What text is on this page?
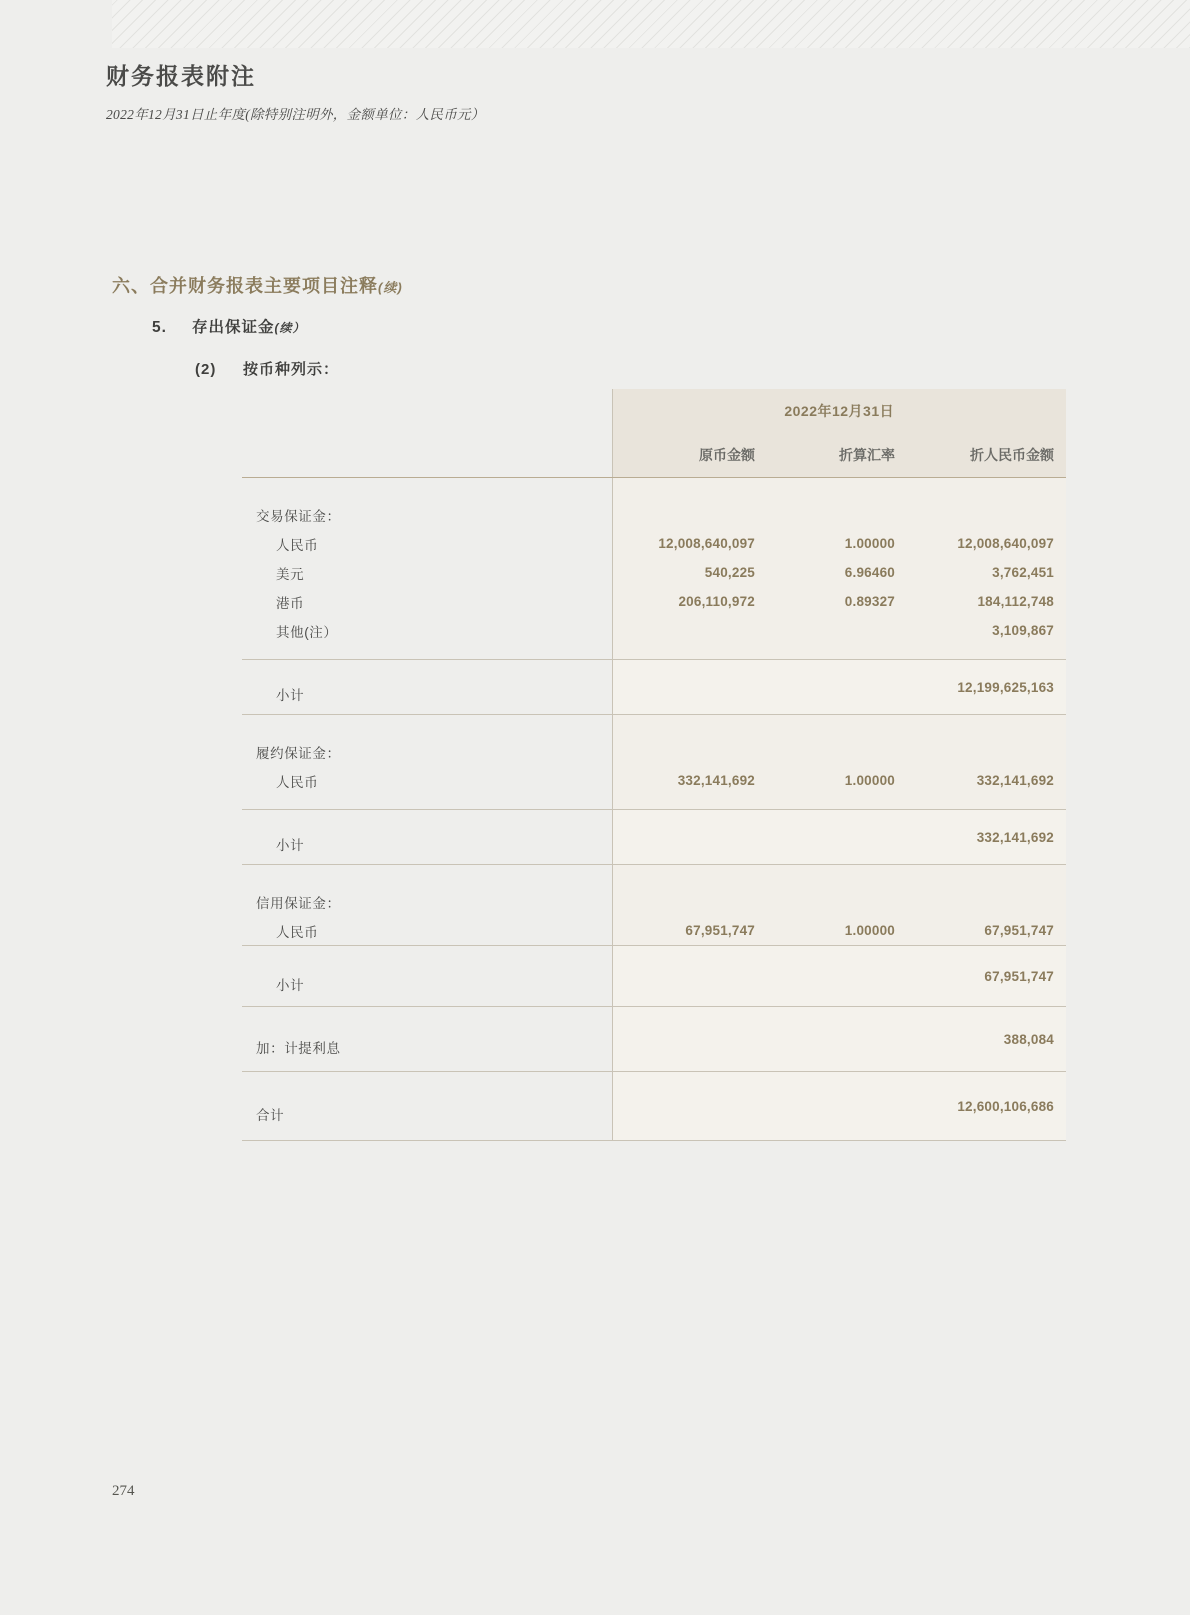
财务报表附注
2022年12月31日止年度(除特别注明外，金额单位：人民币元）
六、合并财务报表主要项目注释(续)
5. 存出保证金(续）
(2) 按币种列示：
	2022年12月31日		
	原币金额	折算汇率	折人民币金额

交易保证金：			
人民币	12,008,640,097	1.00000	12,008,640,097
美元	540,225	6.96460	3,762,451
港币	206,110,972	0.89327	184,112,748
其他(注）			3,109,867

小计			12,199,625,163

履约保证金：			
人民币	332,141,692	1.00000	332,141,692

小计			332,141,692

信用保证金：			
人民币	67,951,747	1.00000	67,951,747
小计			67,951,747
加：计提利息			388,084
合计			12,600,106,686
274
